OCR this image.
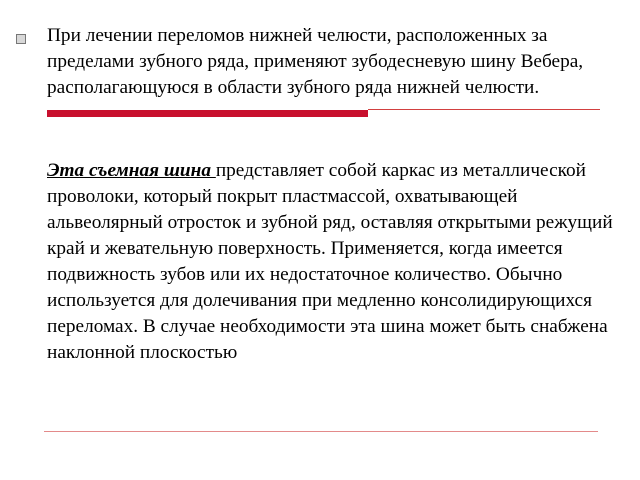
При лечении переломов нижней челюсти, расположенных за пределами зубного ряда, применяют зубодесневую шину Вебера, располагающуюся в области зубного ряда нижней челюсти.

Эта съемная шина представляет собой каркас из металлической проволоки, который покрыт пластмассой, охватывающей альвеолярный отросток и зубной ряд, оставляя открытыми режущий край и жевательную поверхность. Применяется, когда имеется подвижность зубов или их недостаточное количество. Обычно используется для долечивания при медленно консолидирующихся переломах. В случае необходимости эта шина может быть снабжена наклонной плоскостью
